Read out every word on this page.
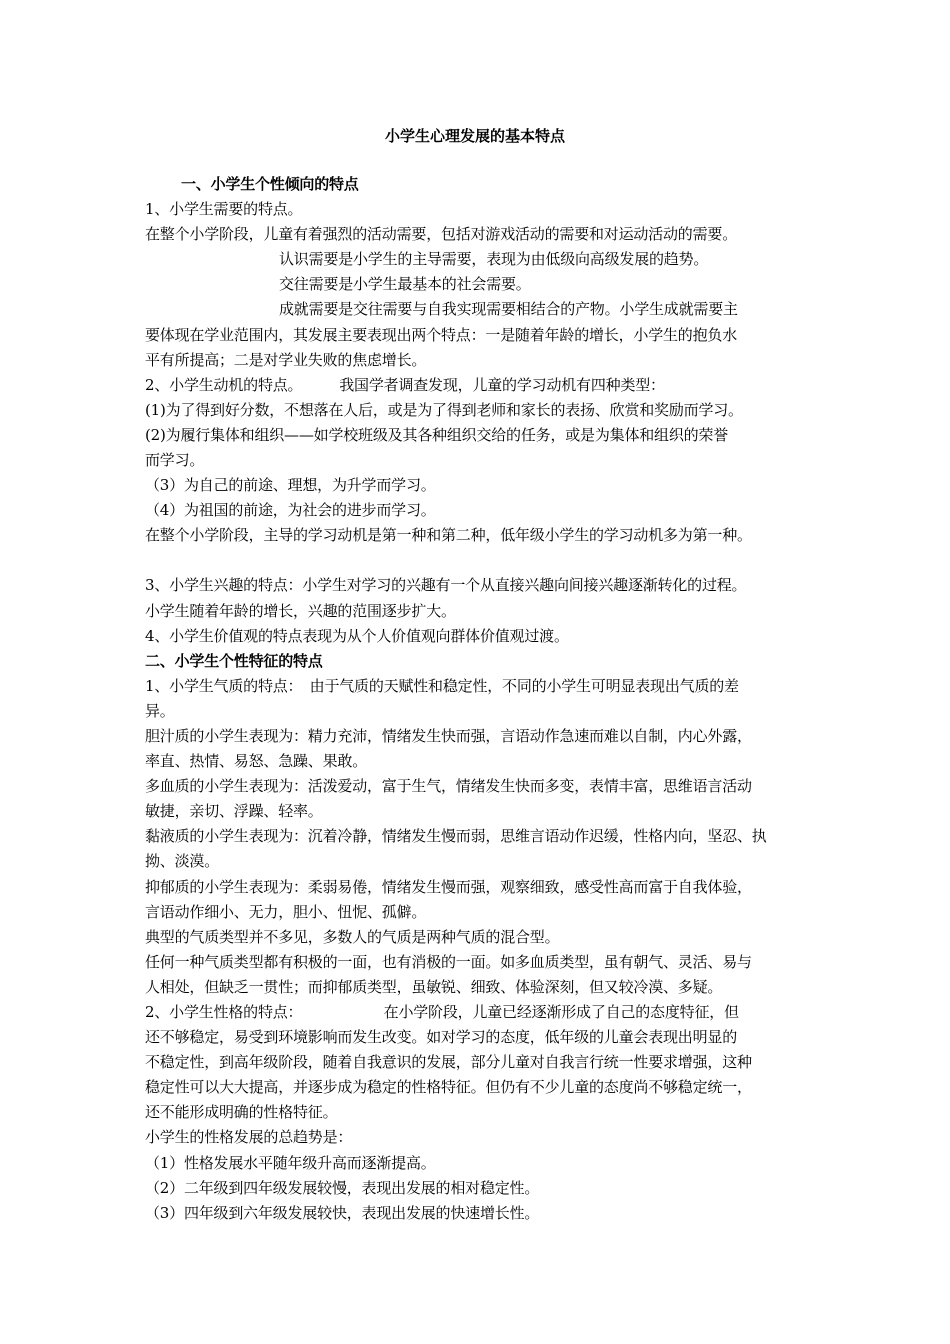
小学生心理发展的基本特点
一、小学生个性倾向的特点
1、小学生需要的特点。
在整个小学阶段，儿童有着强烈的活动需要，包括对游戏活动的需要和对运动活动的需要。
认识需要是小学生的主导需要，表现为由低级向高级发展的趋势。
交往需要是小学生最基本的社会需要。
成就需要是交往需要与自我实现需要相结合的产物。小学生成就需要主
要体现在学业范围内，其发展主要表现出两个特点：一是随着年龄的增长，小学生的抱负水
平有所提高；二是对学业失败的焦虑增长。
2、小学生动机的特点。　　　我国学者调查发现，儿童的学习动机有四种类型：
(1)为了得到好分数，不想落在人后，或是为了得到老师和家长的表扬、欣赏和奖励而学习。
(2)为履行集体和组织——如学校班级及其各种组织交给的任务，或是为集体和组织的荣誉
而学习。
（3）为自己的前途、理想，为升学而学习。
（4）为祖国的前途，为社会的进步而学习。
在整个小学阶段，主导的学习动机是第一种和第二种，低年级小学生的学习动机多为第一种。
3、小学生兴趣的特点：小学生对学习的兴趣有一个从直接兴趣向间接兴趣逐渐转化的过程。
小学生随着年龄的增长，兴趣的范围逐步扩大。
4、小学生价值观的特点表现为从个人价值观向群体价值观过渡。
二、小学生个性特征的特点
1、小学生气质的特点：　由于气质的天赋性和稳定性，不同的小学生可明显表现出气质的差
异。
胆汁质的小学生表现为：精力充沛，情绪发生快而强，言语动作急速而难以自制，内心外露，
率直、热情、易怒、急躁、果敢。
多血质的小学生表现为：活泼爱动，富于生气，情绪发生快而多变，表情丰富，思维语言活动
敏捷，亲切、浮躁、轻率。
黏液质的小学生表现为：沉着冷静，情绪发生慢而弱，思维言语动作迟缓，性格内向，坚忍、执
拗、淡漠。
抑郁质的小学生表现为：柔弱易倦，情绪发生慢而强，观察细致，感受性高而富于自我体验，
言语动作细小、无力，胆小、忸怩、孤僻。
典型的气质类型并不多见，多数人的气质是两种气质的混合型。
任何一种气质类型都有积极的一面，也有消极的一面。如多血质类型，虽有朝气、灵活、易与
人相处，但缺乏一贯性；而抑郁质类型，虽敏锐、细致、体验深刻，但又较冷漠、多疑。
2、小学生性格的特点：　　　　　　在小学阶段，儿童已经逐渐形成了自己的态度特征，但
还不够稳定，易受到环境影响而发生改变。如对学习的态度，低年级的儿童会表现出明显的
不稳定性，到高年级阶段，随着自我意识的发展，部分儿童对自我言行统一性要求增强，这种
稳定性可以大大提高，并逐步成为稳定的性格特征。但仍有不少儿童的态度尚不够稳定统一，
还不能形成明确的性格特征。
小学生的性格发展的总趋势是：
（1）性格发展水平随年级升高而逐渐提高。
（2）二年级到四年级发展较慢，表现出发展的相对稳定性。
（3）四年级到六年级发展较快，表现出发展的快速增长性。
